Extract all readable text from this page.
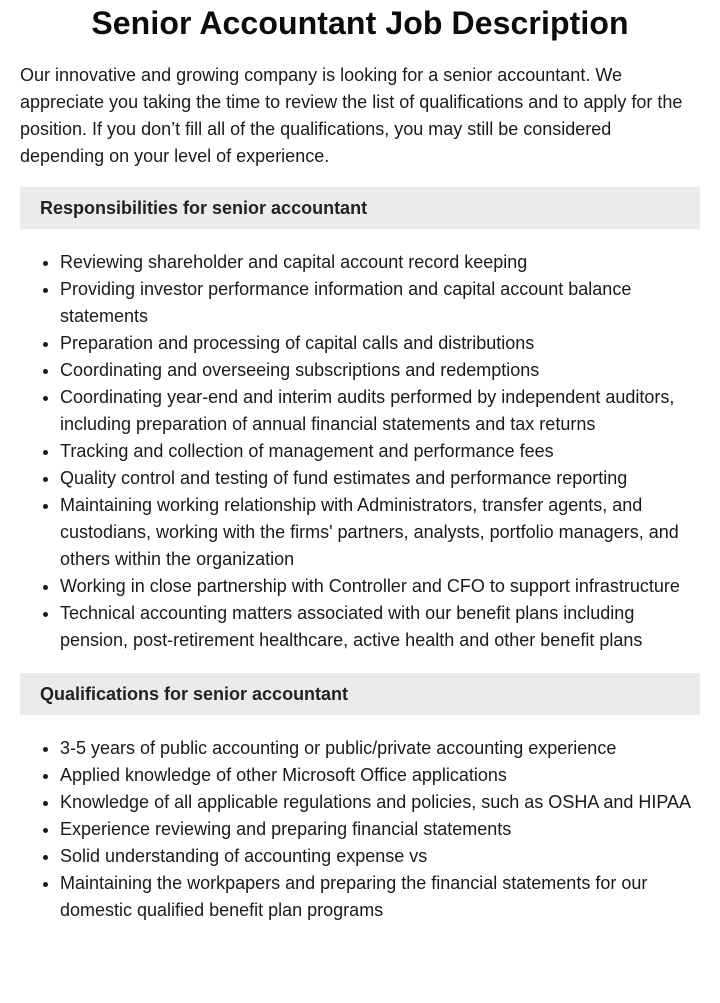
Senior Accountant Job Description

Our innovative and growing company is looking for a senior accountant. We appreciate you taking the time to review the list of qualifications and to apply for the position. If you don’t fill all of the qualifications, you may still be considered depending on your level of experience.

Responsibilities for senior accountant
• Reviewing shareholder and capital account record keeping
• Providing investor performance information and capital account balance statements
• Preparation and processing of capital calls and distributions
• Coordinating and overseeing subscriptions and redemptions
• Coordinating year-end and interim audits performed by independent auditors, including preparation of annual financial statements and tax returns
• Tracking and collection of management and performance fees
• Quality control and testing of fund estimates and performance reporting
• Maintaining working relationship with Administrators, transfer agents, and custodians, working with the firms' partners, analysts, portfolio managers, and others within the organization
• Working in close partnership with Controller and CFO to support infrastructure
• Technical accounting matters associated with our benefit plans including pension, post-retirement healthcare, active health and other benefit plans
Qualifications for senior accountant
• 3-5 years of public accounting or public/private accounting experience
• Applied knowledge of other Microsoft Office applications
• Knowledge of all applicable regulations and policies, such as OSHA and HIPAA
• Experience reviewing and preparing financial statements
• Solid understanding of accounting expense vs
• Maintaining the workpapers and preparing the financial statements for our domestic qualified benefit plan programs
